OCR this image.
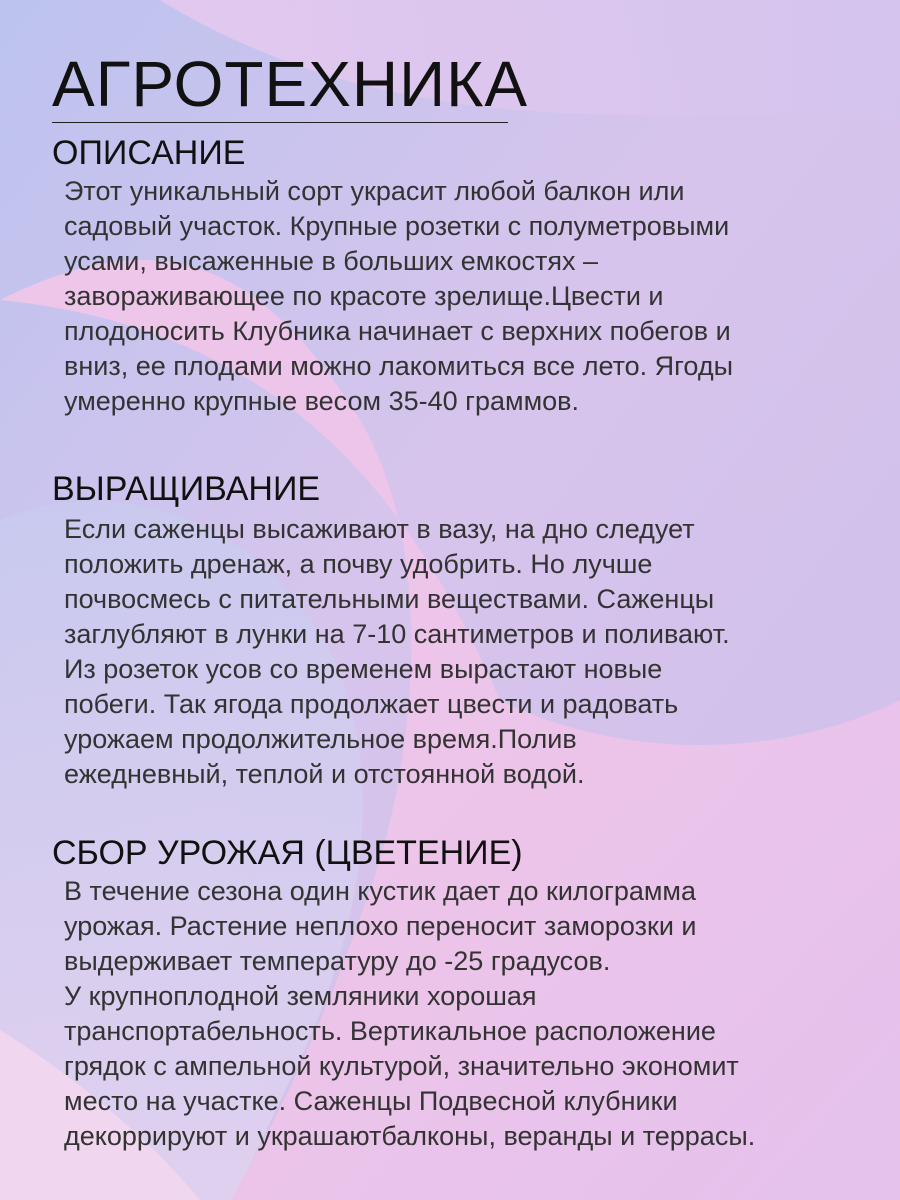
АГРОТЕХНИКА
ОПИСАНИЕ

Этот уникальный сорт украсит любой балкон или
садовый участок. Крупные розетки с полуметровыми
усами, высаженные в больших емкостях –
завораживающее по красоте зрелище.Цвести и
плодоносить Клубника начинает с верхних побегов и
вниз, ее плодами можно лакомиться все лето. Ягоды
умеренно крупные весом 35-40 граммов.

ВЫРАЩИВАНИЕ

Если саженцы высаживают в вазу, на дно следует
положить дренаж, а почву удобрить. Но лучше
почвосмесь с питательными веществами. Саженцы
заглубляют в лунки на 7-10 сантиметров и поливают.
Из розеток усов со временем вырастают новые
побеги. Так ягода продолжает цвести и радовать
урожаем продолжительное время.Полив
ежедневный, теплой и отстоянной водой.

СБОР УРОЖАЯ (ЦВЕТЕНИЕ)

В течение сезона один кустик дает до килограмма
урожая. Растение неплохо переносит заморозки и
выдерживает температуру до -25 градусов.
У крупноплодной земляники хорошая
транспортабельность. Вертикальное расположение
грядок с ампельной культурой, значительно экономит
место на участке. Саженцы Подвесной клубники
декоррируют и украшаютбалконы, веранды и террасы.
